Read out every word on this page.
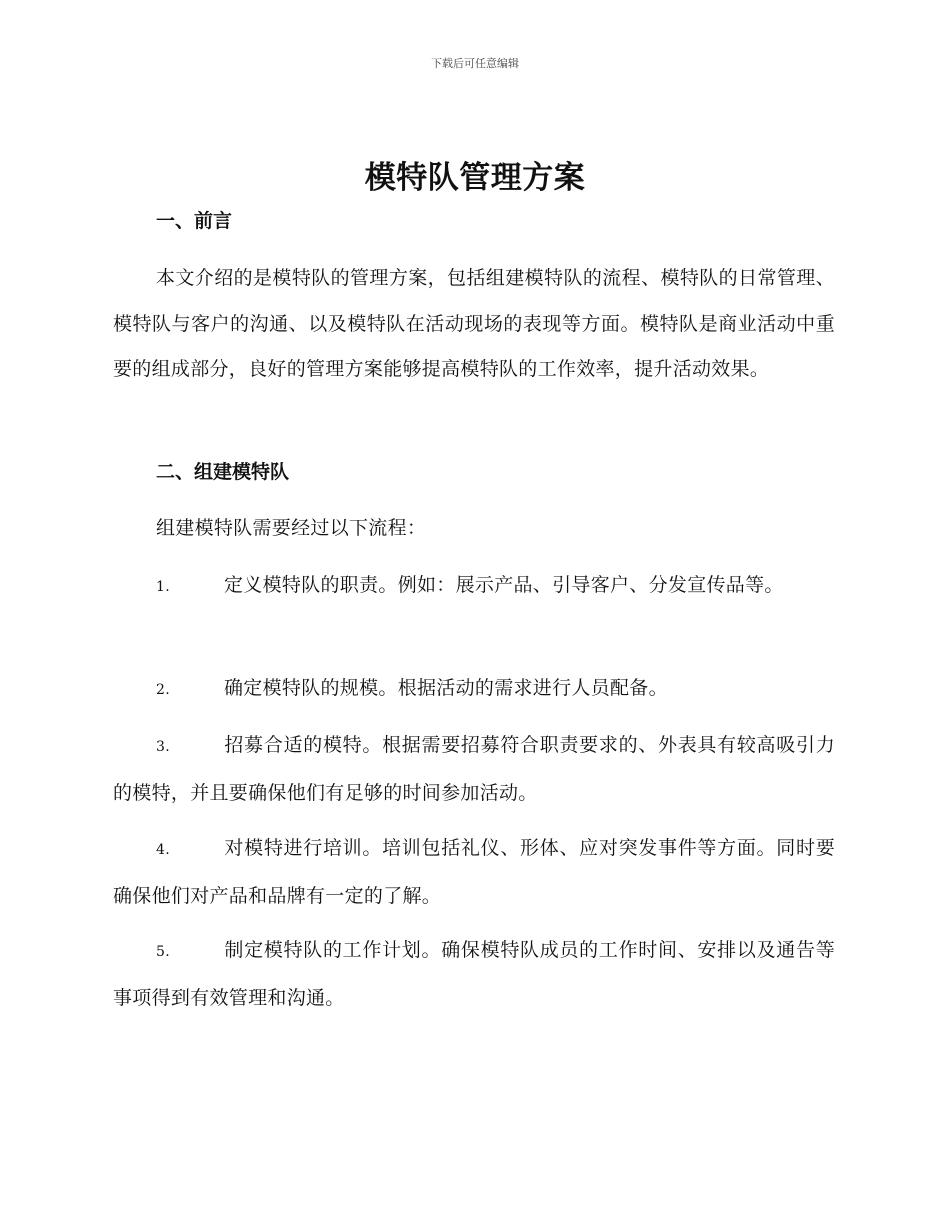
下载后可任意编辑
模特队管理方案
一、前言

本文介绍的是模特队的管理方案，包括组建模特队的流程、模特队的日常管理、模特队与客户的沟通、以及模特队在活动现场的表现等方面。模特队是商业活动中重要的组成部分，良好的管理方案能够提高模特队的工作效率，提升活动效果。

二、组建模特队

组建模特队需要经过以下流程：

1.	定义模特队的职责。例如：展示产品、引导客户、分发宣传品等。
2.	确定模特队的规模。根据活动的需求进行人员配备。
3.	招募合适的模特。根据需要招募符合职责要求的、外表具有较高吸引力的模特，并且要确保他们有足够的时间参加活动。
4.	对模特进行培训。培训包括礼仪、形体、应对突发事件等方面。同时要确保他们对产品和品牌有一定的了解。
5.	制定模特队的工作计划。确保模特队成员的工作时间、安排以及通告等事项得到有效管理和沟通。
